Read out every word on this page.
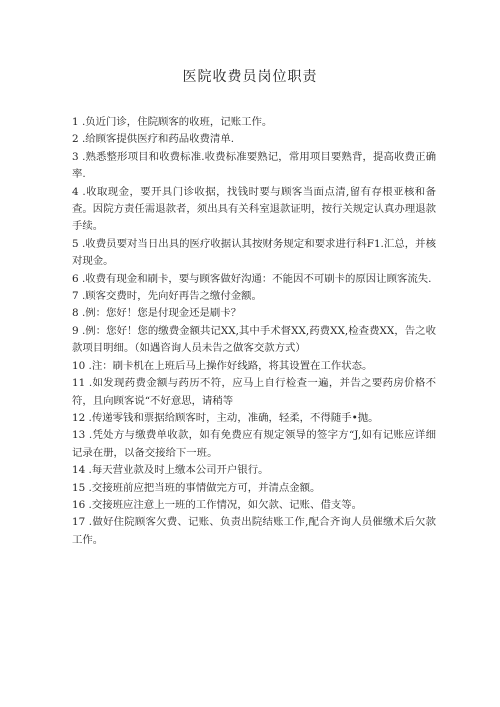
医院收费员岗位职责
1 .负近门诊，住院顾客的收班，记账工作。
2 .给顾客提供医疗和药品收费清单.
3 .熟悉整形项目和收费标准.收费标准要熟记，常用项目要熟背，提高收费正确率.
4 .收取现金，要开具门诊收据，找钱时要与顾客当面点清,留有存根亚核和备查。因院方责任需退款者，须出具有关科室退款证明，按行关规定认真办理退款手续。
5 .收费员要对当日出具的医疗收据认其按财务规定和要求进行科F1.汇总，并核对现金。
6 .收费有现金和刷卡，要与顾客做好沟通：不能因不可刷卡的原因让顾客流失.
7 .顾客交费时，先向好再告之缴付金额。
8 .例：您好！您是付现金还是刷卡？
9 .例：您好！您的缴费金额共记XX,其中手术督XX,药费XX,检查费XX，告之收款项目明细。（如遇咨询人员未告之做客交款方式）
10 .注：刷卡机在上班后马上操作好线路，将其设置在工作状态。
11 .如发现药费金额与药历不符，应马上自行检查一遍，并告之要药房价格不符，且向顾客说“不好意思，请稍等
12 .传递零钱和票据给顾客时，主动，准确，轻柔，不得随手•抛。
13 .凭处方与缴费单收款，如有免费应有规定领导的签字方“J,如有记账应详细记录在册，以备交接给下一班。
14 .每天营业款及时上缴本公司开户银行。
15 .交接班前应把当班的事情做完方可，并清点金额。
16 .交接班应注意上一班的工作情况，如欠款、记账、借支等。
17 .做好住院顾客欠费、记账、负责出院结账工作,配合齐询人员催缴术后欠款工作。
